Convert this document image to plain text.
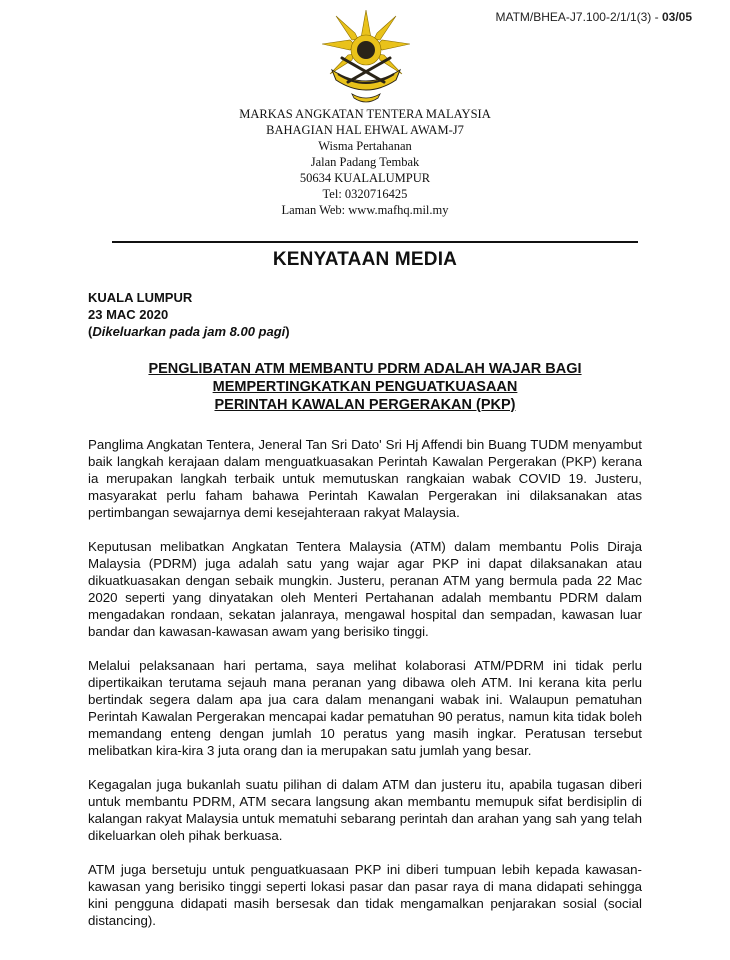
MATM/BHEA-J7.100-2/1/1(3) - 03/05
MARKAS ANGKATAN TENTERA MALAYSIA
BAHAGIAN HAL EHWAL AWAM-J7
Wisma Pertahanan
Jalan Padang Tembak
50634 KUALALUMPUR
Tel: 0320716425
Laman Web: www.mafhq.mil.my
KENYATAAN MEDIA
KUALA LUMPUR
23 MAC 2020
(Dikeluarkan pada jam 8.00 pagi)
PENGLIBATAN ATM MEMBANTU PDRM ADALAH WAJAR BAGI
MEMPERTINGKATKAN PENGUATKUASAAN
PERINTAH KAWALAN PERGERAKAN (PKP)

Panglima Angkatan Tentera, Jeneral Tan Sri Dato' Sri Hj Affendi bin Buang TUDM menyambut baik langkah kerajaan dalam menguatkuasakan Perintah Kawalan Pergerakan (PKP) kerana ia merupakan langkah terbaik untuk memutuskan rangkaian wabak COVID 19. Justeru, masyarakat perlu faham bahawa Perintah Kawalan Pergerakan ini dilaksanakan atas pertimbangan sewajarnya demi kesejahteraan rakyat Malaysia.

Keputusan melibatkan Angkatan Tentera Malaysia (ATM) dalam membantu Polis Diraja Malaysia (PDRM) juga adalah satu yang wajar agar PKP ini dapat dilaksanakan atau dikuatkuasakan dengan sebaik mungkin. Justeru, peranan ATM yang bermula pada 22 Mac 2020 seperti yang dinyatakan oleh Menteri Pertahanan adalah membantu PDRM dalam mengadakan rondaan, sekatan jalanraya, mengawal hospital dan sempadan, kawasan luar bandar dan kawasan-kawasan awam yang berisiko tinggi.

Melalui pelaksanaan hari pertama, saya melihat kolaborasi ATM/PDRM ini tidak perlu dipertikaikan terutama sejauh mana peranan yang dibawa oleh ATM. Ini kerana kita perlu bertindak segera dalam apa jua cara dalam menangani wabak ini. Walaupun pematuhan Perintah Kawalan Pergerakan mencapai kadar pematuhan 90 peratus, namun kita tidak boleh memandang enteng dengan jumlah 10 peratus yang masih ingkar. Peratusan tersebut melibatkan kira-kira 3 juta orang dan ia merupakan satu jumlah yang besar.

Kegagalan juga bukanlah suatu pilihan di dalam ATM dan justeru itu, apabila tugasan diberi untuk membantu PDRM, ATM secara langsung akan membantu memupuk sifat berdisiplin di kalangan rakyat Malaysia untuk mematuhi sebarang perintah dan arahan yang sah yang telah dikeluarkan oleh pihak berkuasa.

ATM juga bersetuju untuk penguatkuasaan PKP ini diberi tumpuan lebih kepada kawasan-kawasan yang berisiko tinggi seperti lokasi pasar dan pasar raya di mana didapati sehingga kini pengguna didapati masih bersesak dan tidak mengamalkan penjarakan sosial (social distancing).
